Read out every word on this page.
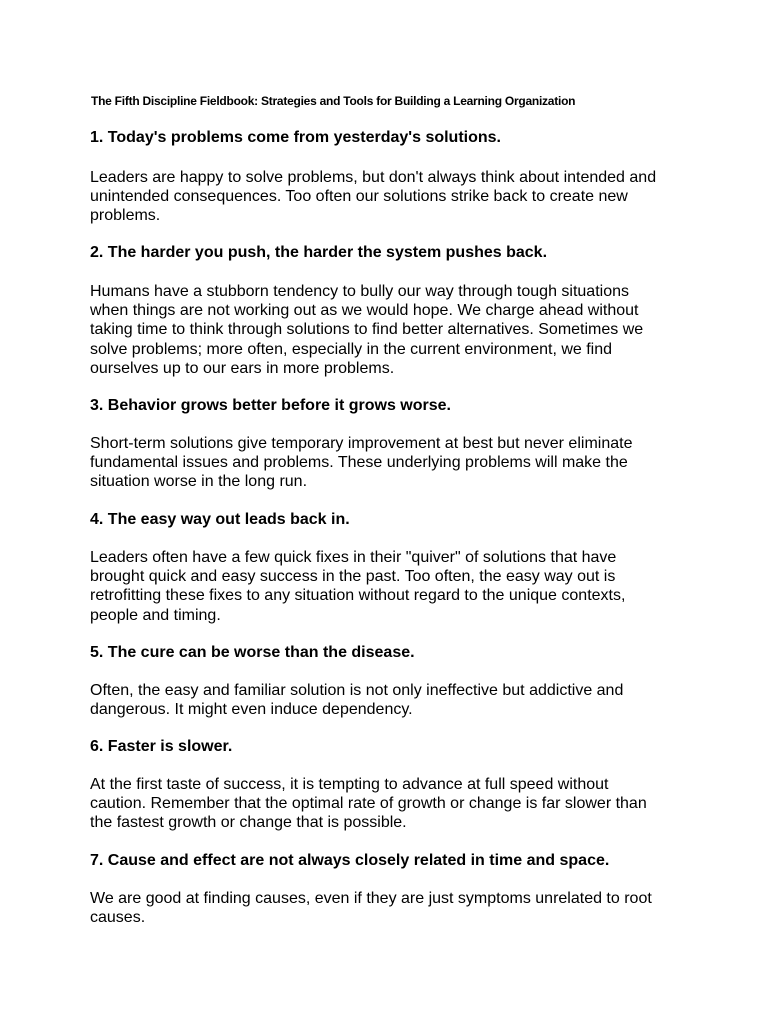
The Fifth Discipline Fieldbook: Strategies and Tools for Building a Learning Organization

1. Today's problems come from yesterday's solutions.

Leaders are happy to solve problems, but don't always think about intended and
unintended consequences. Too often our solutions strike back to create new
problems.

2. The harder you push, the harder the system pushes back.

Humans have a stubborn tendency to bully our way through tough situations
when things are not working out as we would hope. We charge ahead without
taking time to think through solutions to find better alternatives. Sometimes we
solve problems; more often, especially in the current environment, we find
ourselves up to our ears in more problems.

3. Behavior grows better before it grows worse.

Short-term solutions give temporary improvement at best but never eliminate
fundamental issues and problems. These underlying problems will make the
situation worse in the long run.

4. The easy way out leads back in.

Leaders often have a few quick fixes in their "quiver" of solutions that have
brought quick and easy success in the past. Too often, the easy way out is
retrofitting these fixes to any situation without regard to the unique contexts,
people and timing.

5. The cure can be worse than the disease.

Often, the easy and familiar solution is not only ineffective but addictive and
dangerous. It might even induce dependency.

6. Faster is slower.

At the first taste of success, it is tempting to advance at full speed without
caution. Remember that the optimal rate of growth or change is far slower than
the fastest growth or change that is possible.

7. Cause and effect are not always closely related in time and space.

We are good at finding causes, even if they are just symptoms unrelated to root
causes.
